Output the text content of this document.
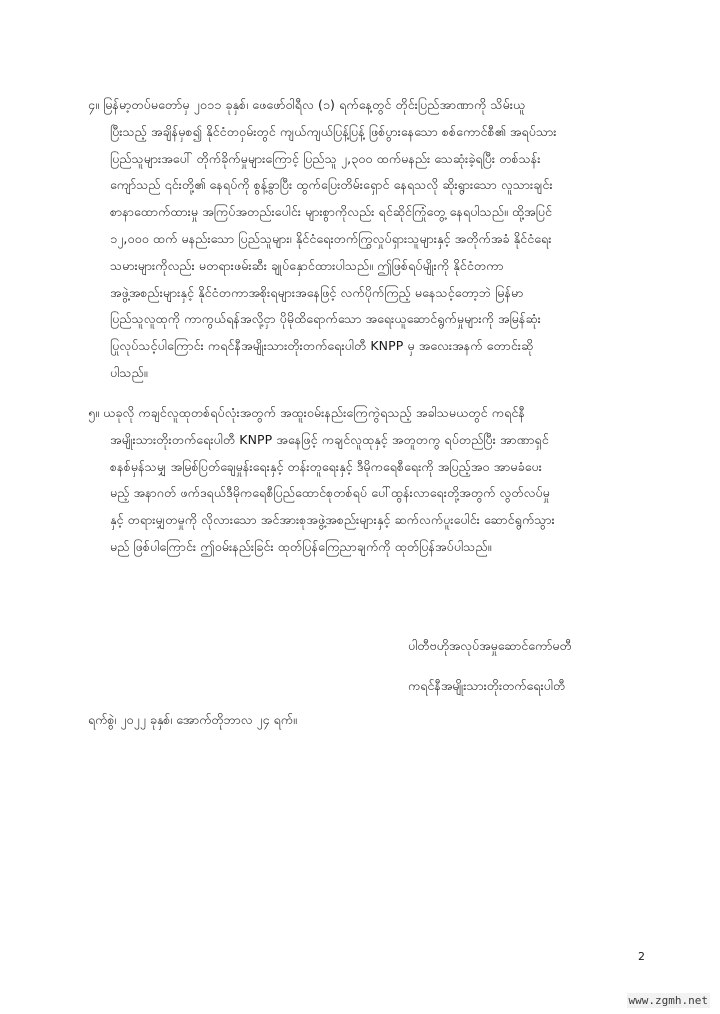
၄။ မြန်မာ့တပ်မတော်မှ ၂၀၁၁ ခုနှစ်၊ ဖေဖော်ဝါရီလ (၁) ရက်နေ့တွင် တိုင်းပြည်အာဏာကို သိမ်းယူ
ပြီးသည့် အချိန်မှစ၍ နိုင်ငံတဝှမ်းတွင် ကျယ်ကျယ်ပြန့်ပြန့် ဖြစ်ပွားနေသော စစ်ကောင်စီ၏ အရပ်သား
ပြည်သူများအပေါ် တိုက်ခိုက်မှုများကြောင့် ပြည်သူ ၂,၃၀၀ ထက်မနည်း သေဆုံးခဲ့ရပြီး တစ်သန်း
ကျော်သည် ၎င်းတို့၏ နေရပ်ကို စွန့်ခွာပြီး ထွက်ပြေးတိမ်းရှောင် နေရသလို ဆိုးရွားသော လူသားချင်း
စာနာထောက်ထားမှု အကြပ်အတည်းပေါင်း များစွာကိုလည်း ရင်ဆိုင်ကြုံတွေ့ နေရပါသည်။ ထို့အပြင်
၁၂,၀၀၀ ထက် မနည်းသော ပြည်သူများ၊ နိုင်ငံရေးတက်ကြွလှုပ်ရှားသူများနှင့် အတိုက်အခံ နိုင်ငံရေး
သမားများကိုလည်း မတရားဖမ်းဆီး ချုပ်နှောင်ထားပါသည်။ ဤဖြစ်ရပ်မျိုးကို နိုင်ငံတကာ
အဖွဲ့အစည်းများနှင့် နိုင်ငံတကာအစိုးရများအနေဖြင့် လက်ပိုက်ကြည့် မနေသင့်တော့ဘဲ မြန်မာ
ပြည်သူလူထုကို ကာကွယ်ရန်အလို့ငှာ ပိုမိုထိရောက်သော အရေးယူဆောင်ရွက်မှုများကို အမြန်ဆုံး
ပြုလုပ်သင့်ပါကြောင်း ကရင်နီအမျိုးသားတိုးတက်ရေးပါတီ KNPP မှ အလေးအနက် တောင်းဆို
ပါသည်။
၅။ ယခုလို ကချင်လူထုတစ်ရပ်လုံးအတွက် အထူးဝမ်းနည်းကြေကွဲရသည့် အခါသမယတွင် ကရင်နီ
အမျိုးသားတိုးတက်ရေးပါတီ KNPP အနေဖြင့် ကချင်လူထုနှင့် အတူတကွ ရပ်တည်ပြီး အာဏာရှင်
စနစ်မှန်သမျှ အမြစ်ပြတ်ချေမှုန်းရေးနှင့် တန်းတူရေးနှင့် ဒီမိုကရေစီရေးကို အပြည့်အဝ အာမခံပေး
မည့် အနာဂတ် ဖက်ဒရယ်ဒီမိုကရေစီပြည်ထောင်စုတစ်ရပ် ပေါ်ထွန်းလာရေးတို့အတွက် လွတ်လပ်မှု
နှင့် တရားမျှတမှုကို လိုလားသော အင်အားစုအဖွဲ့အစည်းများနှင့် ဆက်လက်ပူးပေါင်း ဆောင်ရွက်သွား
မည် ဖြစ်ပါကြောင်း ဤဝမ်းနည်းခြင်း ထုတ်ပြန်ကြေညာချက်ကို ထုတ်ပြန်အပ်ပါသည်။
ပါတီဗဟိုအလုပ်အမှုဆောင်ကော်မတီ
ကရင်နီအမျိုးသားတိုးတက်ရေးပါတီ
ရက်စွဲ၊ ၂၀၂၂ ခုနှစ်၊ အောက်တိုဘာလ ၂၄ ရက်။
2
www.zgmh.net
